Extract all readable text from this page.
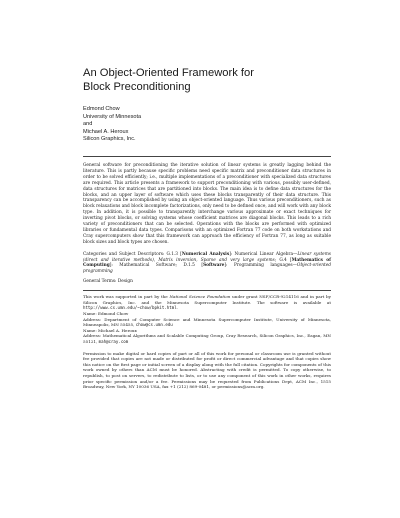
An Object-Oriented Framework for
Block Preconditioning
Edmond Chow
University of Minnesota
and
Michael A. Heroux
Silicon Graphics, Inc.

General software for preconditioning the iterative solution of linear systems is greatly lagging behind the literature. This is partly because specific problems need specific matrix and preconditioner data structures in order to be solved efficiently; i.e., multiple implementations of a preconditioner with specialized data structures are required. This article presents a framework to support preconditioning with various, possibly user-defined, data structures for matrices that are partitioned into blocks. The main idea is to define data structures for the blocks, and an upper layer of software which uses these blocks transparently of their data structure. This transparency can be accomplished by using an object-oriented language. Thus various preconditioners, such as block relaxations and block incomplete factorizations, only need to be defined once, and will work with any block type. In addition, it is possible to transparently interchange various approximate or exact techniques for inverting pivot blocks, or solving systems whose coefficient matrices are diagonal blocks. This leads to a rich variety of preconditioners that can be selected. Operations with the blocks are performed with optimized libraries or fundamental data types. Comparisons with an optimized Fortran 77 code on both workstations and Cray supercomputers show that this framework can approach the efficiency of Fortran 77, as long as suitable block sizes and block types are chosen.

Categories and Subject Descriptors: G.1.3 [Numerical Analysis]: Numerical Linear Algebra—Linear systems (direct and iterative methods), Matrix inversion, Sparse and very large systems; G.4 [Mathematics of Computing]: Mathematical Software; D.1.5 [Software]: Programming languages—Object-oriented programming

General Terms: Design

This work was supported in part by the National Science Foundation under grant NSF/CCR-9214116 and in part by Silicon Graphics, Inc. and the Minnesota Supercomputer Institute. The software is available at http://www.cs.umn.edu/~chow/bpkit.html.

Name: Edmond Chow

Address: Department of Computer Science and Minnesota Supercomputer Institute, University of Minnesota, Minneapolis, MN 55455, chow@cs.umn.edu

Name: Michael A. Heroux

Address: Mathematical Algorithms and Scalable Computing Group, Cray Research, Silicon Graphics, Inc., Eagan, MN 55121, mah@cray.com

Permission to make digital or hard copies of part or all of this work for personal or classroom use is granted without fee provided that copies are not made or distributed for profit or direct commercial advantage and that copies show this notice on the first page or initial screen of a display along with the full citation. Copyrights for components of this work owned by others than ACM must be honored. Abstracting with credit is permitted. To copy otherwise, to republish, to post on servers, to redistribute to lists, or to use any component of this work in other works, requires prior specific permission and/or a fee. Permissions may be requested from Publications Dept, ACM Inc., 1515 Broadway, New York, NY 10036 USA, fax +1 (212) 869-0481, or permissions@acm.org.
